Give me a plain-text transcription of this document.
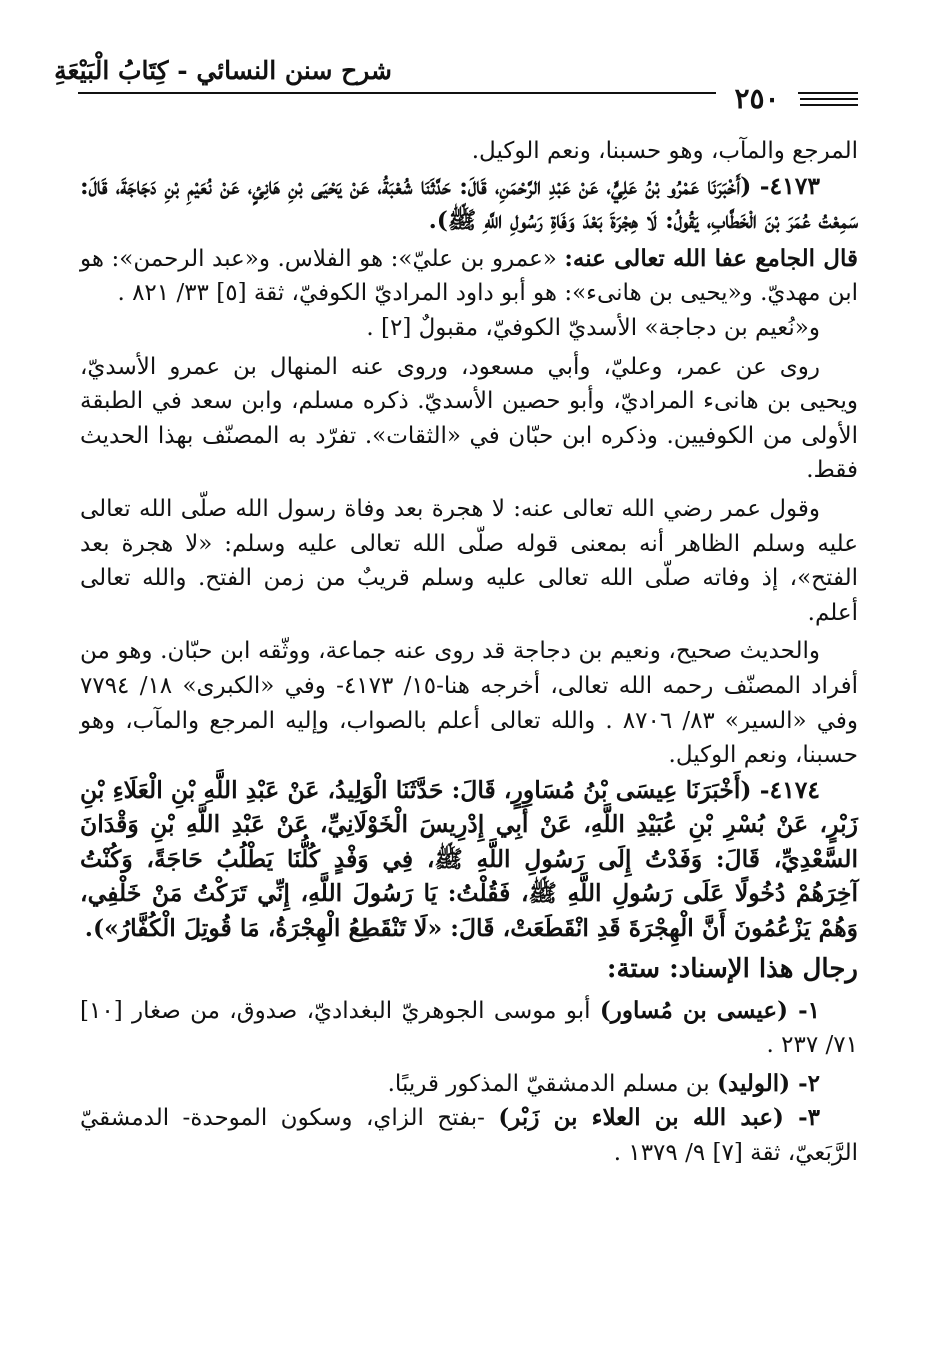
شرح سنن النسائي - كِتَابُ الْبَيْعَةِ
٢٥٠

المرجع والمآب، وهو حسبنا، ونعم الوكيل.

٤١٧٣- (أَخْبَرَنَا عَمْرُو بْنُ عَلِيٍّ، عَنْ عَبْدِ الرَّحْمَنِ، قَالَ: حَدَّثَنَا شُعْبَةُ، عَنْ يَحْيَى بْنِ هَانِئٍ، عَنْ نُعَيْمِ بْنِ دَجَاجَةَ، قَالَ: سَمِعْتُ عُمَرَ بْنَ الْخَطَّابِ، يَقُولُ: لَا هِجْرَةَ بَعْدَ وَفَاةِ رَسُولِ اللَّهِ ﷺ).

قال الجامع عفا الله تعالى عنه: «عمرو بن عليّ»: هو الفلاس. و«عبد الرحمن»: هو ابن مهديّ. و«يحيى بن هانىء»: هو أبو داود المراديّ الكوفيّ، ثقة [٥] ٣٣/ ٨٢١ .

و«نُعيم بن دجاجة» الأسديّ الكوفيّ، مقبولٌ [٢] .

روى عن عمر، وعليّ، وأبي مسعود، وروى عنه المنهال بن عمرو الأسديّ، ويحيى بن هانىء المراديّ، وأبو حصين الأسديّ. ذكره مسلم، وابن سعد في الطبقة الأولى من الكوفيين. وذكره ابن حبّان في «الثقات». تفرّد به المصنّف بهذا الحديث فقط.

وقول عمر رضي الله تعالى عنه: لا هجرة بعد وفاة رسول الله صلّى الله تعالى عليه وسلم الظاهر أنه بمعنى قوله صلّى الله تعالى عليه وسلم: «لا هجرة بعد الفتح»، إذ وفاته صلّى الله تعالى عليه وسلم قريبٌ من زمن الفتح. والله تعالى أعلم.

والحديث صحيح، ونعيم بن دجاجة قد روى عنه جماعة، ووثّقه ابن حبّان. وهو من أفراد المصنّف رحمه الله تعالى، أخرجه هنا-١٥/ ٤١٧٣- وفي «الكبرى» ١٨/ ٧٧٩٤ وفي «السير» ٨٣/ ٨٧٠٦ . والله تعالى أعلم بالصواب، وإليه المرجع والمآب، وهو حسبنا، ونعم الوكيل.

٤١٧٤- (أَخْبَرَنَا عِيسَى بْنُ مُسَاوِرٍ، قَالَ: حَدَّثَنَا الْوَلِيدُ، عَنْ عَبْدِ اللَّهِ بْنِ الْعَلَاءِ بْنِ زَبْرٍ، عَنْ بُسْرِ بْنِ عُبَيْدِ اللَّهِ، عَنْ أَبِي إِدْرِيسَ الْخَوْلَانِيِّ، عَنْ عَبْدِ اللَّهِ بْنِ وَقْدَانَ السَّعْدِيِّ، قَالَ: وَفَدْتُ إِلَى رَسُولِ اللَّهِ ﷺ، فِي وَفْدٍ كُلُّنَا يَطْلُبُ حَاجَةً، وَكُنْتُ آخِرَهُمْ دُخُولًا عَلَى رَسُولِ اللَّهِ ﷺ، فَقُلْتُ: يَا رَسُولَ اللَّهِ، إِنِّي تَرَكْتُ مَنْ خَلْفِي، وَهُمْ يَزْعُمُونَ أَنَّ الْهِجْرَةَ قَدِ انْقَطَعَتْ، قَالَ: «لَا تَنْقَطِعُ الْهِجْرَةُ، مَا قُوتِلَ الْكُفَّارُ»).

رجال هذا الإسناد: ستة:

١- (عيسى بن مُساور) أبو موسى الجوهريّ البغداديّ، صدوق، من صغار [١٠] ٧١/ ٢٣٧ .

٢- (الوليد) بن مسلم الدمشقيّ المذكور قريبًا.

٣- (عبد الله بن العلاء بن زَبْر) -بفتح الزاي، وسكون الموحدة- الدمشقيّ الرَّبَعيّ، ثقة [٧] ٩/ ١٣٧٩ .
